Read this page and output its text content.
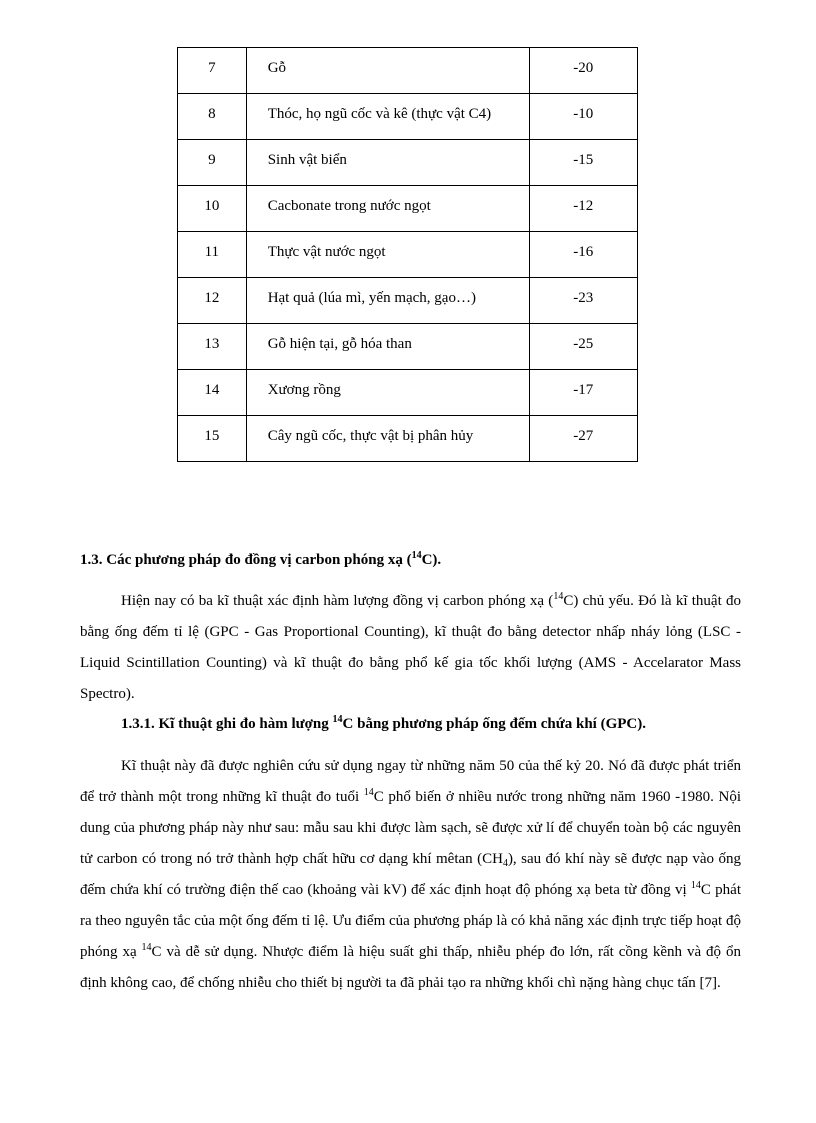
7	Gỗ	-20

8	Thóc, họ ngũ cốc và kê (thực vật C4)	-10

9	Sinh vật biển	-15

10	Cacbonate trong nước ngọt	-12

11	Thực vật nước ngọt	-16

12	Hạt quả (lúa mì, yến mạch, gạo…)	-23

13	Gỗ hiện tại, gỗ hóa than	-25

14	Xương rồng	-17

15	Cây ngũ cốc, thực vật bị phân hủy	-27
1.3. Các phương pháp đo đồng vị carbon phóng xạ ($^{14}$C).

Hiện nay có ba kĩ thuật xác định hàm lượng đồng vị carbon phóng xạ ($^{14}$C) chủ yếu. Đó là kĩ thuật đo bằng ống đếm tỉ lệ (GPC - Gas Proportional Counting), kĩ thuật đo bằng detector nhấp nháy lỏng (LSC - Liquid Scintillation Counting) và kĩ thuật đo bằng phổ kế gia tốc khối lượng (AMS - Accelarator Mass Spectro).

1.3.1. Kĩ thuật ghi đo hàm lượng $^{14}$C bằng phương pháp ống đếm chứa khí (GPC).

Kĩ thuật này đã được nghiên cứu sử dụng ngay từ những năm 50 của thế kỷ 20. Nó đã được phát triển để trở thành một trong những kĩ thuật đo tuổi $^{14}$C phổ biến ở nhiều nước trong những năm 1960 -1980. Nội dung của phương pháp này như sau: mẫu sau khi được làm sạch, sẽ được xử lí để chuyển toàn bộ các nguyên tử carbon có trong nó trở thành hợp chất hữu cơ dạng khí mêtan $(CH_4)$, sau đó khí này sẽ được nạp vào ống đếm chứa khí có trường điện thế cao (khoảng vài kV) để xác định hoạt độ phóng xạ beta từ đồng vị $^{14}$C phát ra theo nguyên tắc của một ống đếm tỉ lệ. Ưu điểm của phương pháp là có khả năng xác định trực tiếp hoạt độ phóng xạ $^{14}$C và dễ sử dụng. Nhược điểm là hiệu suất ghi thấp, nhiễu phép đo lớn, rất cồng kềnh và độ ổn định không cao, để chống nhiễu cho thiết bị người ta đã phải tạo ra những khối chì nặng hàng chục tấn [7].
